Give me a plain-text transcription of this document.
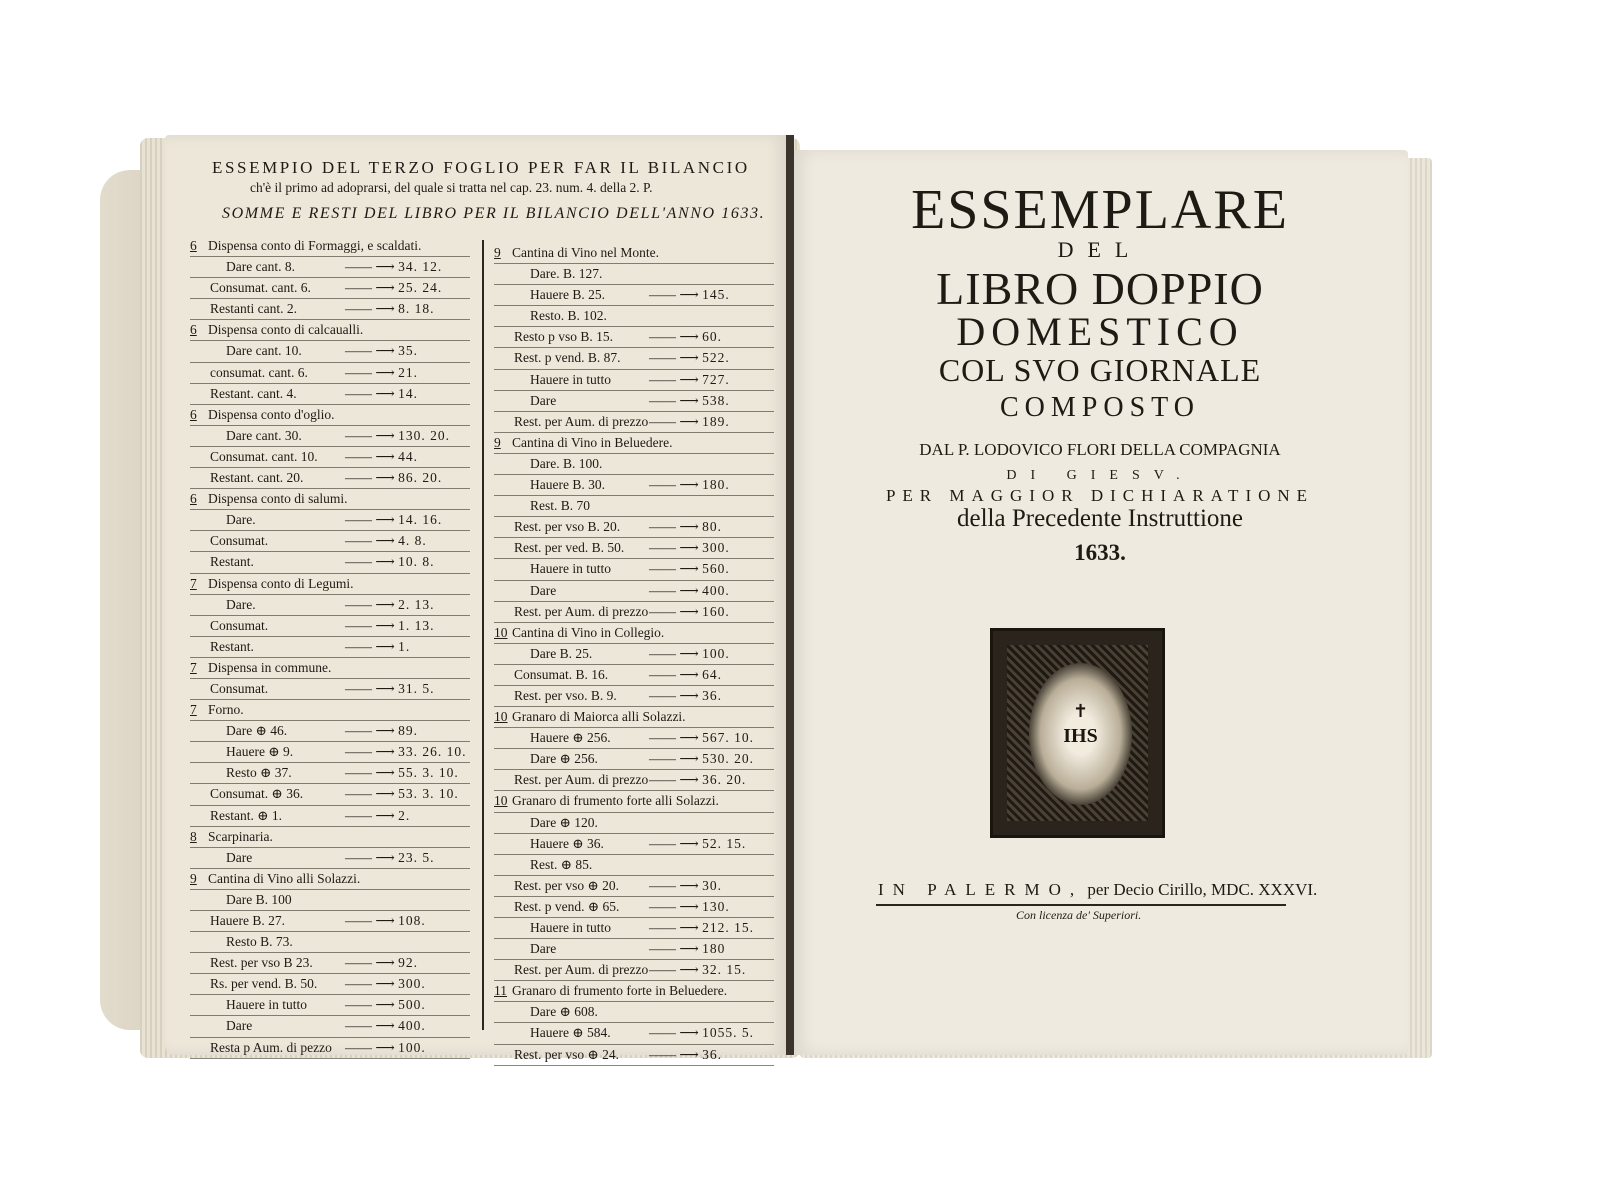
ESSEMPIO DEL TERZO FOGLIO PER FAR IL BILANCIO
ch'è il primo ad adoprarsi, del quale si tratta nel cap. 23. num. 4. della 2. P.
SOMME E RESTI DEL LIBRO PER IL BILANCIO DELL'ANNO 1633.
6 Dispensa conto di Formaggi, e scaldati.
Dare cant. 8.	—— ⟶ 34. 12.
Consumat. cant. 6.	—— ⟶ 25. 24.
Restanti cant. 2.	—— ⟶ 8. 18.
6 Dispensa conto di calcaualli.
Dare cant. 10.	—— ⟶ 35.
consumat. cant. 6.	—— ⟶ 21.
Restant. cant. 4.	—— ⟶ 14.
6 Dispensa conto d'oglio.
Dare cant. 30.	—— ⟶ 130. 20.
Consumat. cant. 10.	—— ⟶ 44.
Restant. cant. 20.	—— ⟶ 86. 20.
6 Dispensa conto di salumi.
Dare.	—— ⟶ 14. 16.
Consumat.	—— ⟶ 4. 8.
Restant.	—— ⟶ 10. 8.
7 Dispensa conto di Legumi.
Dare.	—— ⟶ 2. 13.
Consumat.	—— ⟶ 1. 13.
Restant.	—— ⟶ 1.
7 Dispensa in commune.
Consumat.	—— ⟶ 31. 5.
7 Forno.
Dare ⊕ 46.	—— ⟶ 89.
Hauere ⊕ 9.	—— ⟶ 33. 26. 10.
Resto ⊕ 37.	—— ⟶ 55. 3. 10.
Consumat. ⊕ 36.	—— ⟶ 53. 3. 10.
Restant. ⊕ 1.	—— ⟶ 2.
8 Scarpinaria.
Dare	—— ⟶ 23. 5.
9 Cantina di Vino alli Solazzi.
Dare B. 100
Hauere B. 27.	—— ⟶ 108.
Resto B. 73.
Rest. per vso B 23.	—— ⟶ 92.
Rs. per vend. B. 50.	—— ⟶ 300.
Hauere in tutto	—— ⟶ 500.
Dare	—— ⟶ 400.
Resta p Aum. di pezzo	—— ⟶ 100.
9 Cantina di Vino nel Monte.
Dare. B. 127.
Hauere B. 25.	—— ⟶ 145.
Resto. B. 102.
Resto p vso B. 15.	—— ⟶ 60.
Rest. p vend. B. 87.	—— ⟶ 522.
Hauere in tutto	—— ⟶ 727.
Dare	—— ⟶ 538.
Rest. per Aum. di prezzo	—— ⟶ 189.
9 Cantina di Vino in Beluedere.
Dare. B. 100.
Hauere B. 30.	—— ⟶ 180.
Rest. B. 70
Rest. per vso B. 20.	—— ⟶ 80.
Rest. per ved. B. 50.	—— ⟶ 300.
Hauere in tutto	—— ⟶ 560.
Dare	—— ⟶ 400.
Rest. per Aum. di prezzo	—— ⟶ 160.
10 Cantina di Vino in Collegio.
Dare B. 25.	—— ⟶ 100.
Consumat. B. 16.	—— ⟶ 64.
Rest. per vso. B. 9.	—— ⟶ 36.
10 Granaro di Maiorca alli Solazzi.
Hauere ⊕ 256.	—— ⟶ 567. 10.
Dare ⊕ 256.	—— ⟶ 530. 20.
Rest. per Aum. di prezzo	—— ⟶ 36. 20.
10 Granaro di frumento forte alli Solazzi.
Dare ⊕ 120.
Hauere ⊕ 36.	—— ⟶ 52. 15.
Rest. ⊕ 85.
Rest. per vso ⊕ 20.	—— ⟶ 30.
Rest. p vend. ⊕ 65.	—— ⟶ 130.
Hauere in tutto	—— ⟶ 212. 15.
Dare	—— ⟶ 180
Rest. per Aum. di prezzo	—— ⟶ 32. 15.
11 Granaro di frumento forte in Beluedere.
Dare ⊕ 608.
Hauere ⊕ 584.	—— ⟶ 1055. 5.
Rest. per vso ⊕ 24.	—— ⟶ 36.
ESSEMPLARE
DEL
LIBRO DOPPIO
DOMESTICO
COL SVO GIORNALE
COMPOSTO
DAL P. LODOVICO FLORI DELLA COMPAGNIA
DI GIESV.
PER MAGGIOR DICHIARATIONE
della Precedente Instruttione
1633.
✝
IHS
IN PALERMO, per Decio Cirillo, MDC. XXXVI.
Con licenza de' Superiori.
